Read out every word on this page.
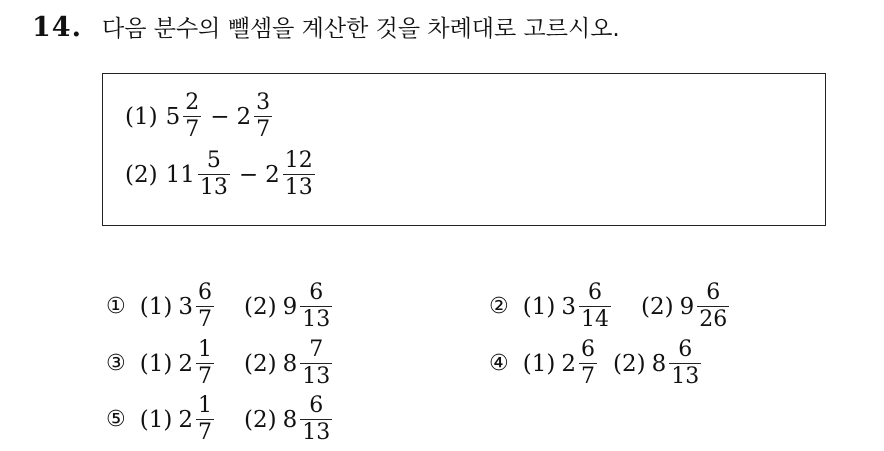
14. 다음 분수의 뺄셈을 계산한 것을 차례대로 고르시오.
(1) $5 \frac{2}{7} - 2 \frac{3}{7}$
(2) $11 \frac{5}{13} - 2 \frac{12}{13}$
① (1) $3 \frac{6}{7} (2)$ $9 \frac{6}{13}$	② (1) $3 \frac{6}{14} (2)$ $9 \frac{6}{26}$
③ (1) $2 \frac{1}{7} (2)$ $8 \frac{7}{13}$	④ (1) $2 \frac{6}{7} (2)$ $8 \frac{6}{13}$
⑤ (1) $2 \frac{1}{7} (2)$ $8 \frac{6}{13}$
